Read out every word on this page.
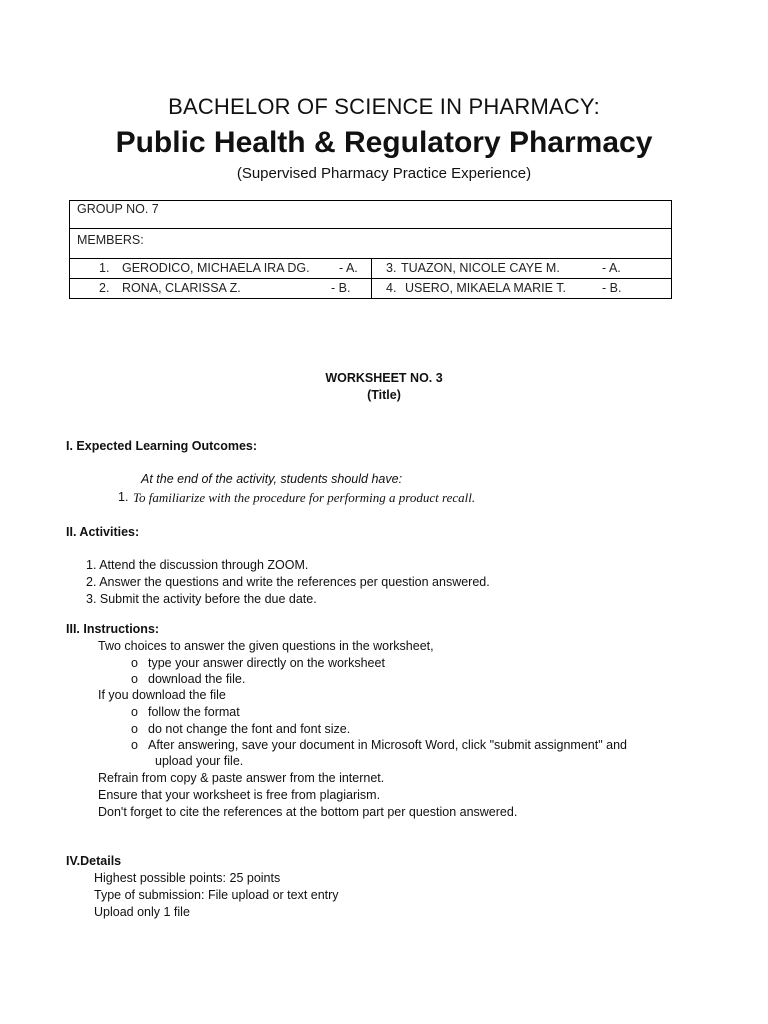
BACHELOR OF SCIENCE IN PHARMACY:
Public Health & Regulatory Pharmacy
(Supervised Pharmacy Practice Experience)
GROUP NO. 7	
MEMBERS:	

1. GERODICO, MICHAELA IRA DG. - A.	3. TUAZON, NICOLE CAYE M. - A.

2. RONA, CLARISSA Z. - B.	4. USERO, MIKAELA MARIE T. - B.
WORKSHEET NO. 3
(Title)
I. Expected Learning Outcomes:
At the end of the activity, students should have:
1. To familiarize with the procedure for performing a product recall.
II. Activities:
1. Attend the discussion through ZOOM.
2. Answer the questions and write the references per question answered.
3. Submit the activity before the due date.
III. Instructions:
Two choices to answer the given questions in the worksheet,
o type your answer directly on the worksheet
o download the file.
If you download the file
o follow the format
o do not change the font and font size.
o After answering, save your document in Microsoft Word, click "submit assignment" and
upload your file.
Refrain from copy & paste answer from the internet.
Ensure that your worksheet is free from plagiarism.
Don't forget to cite the references at the bottom part per question answered.
IV.Details
Highest possible points: 25 points
Type of submission: File upload or text entry
Upload only 1 file
